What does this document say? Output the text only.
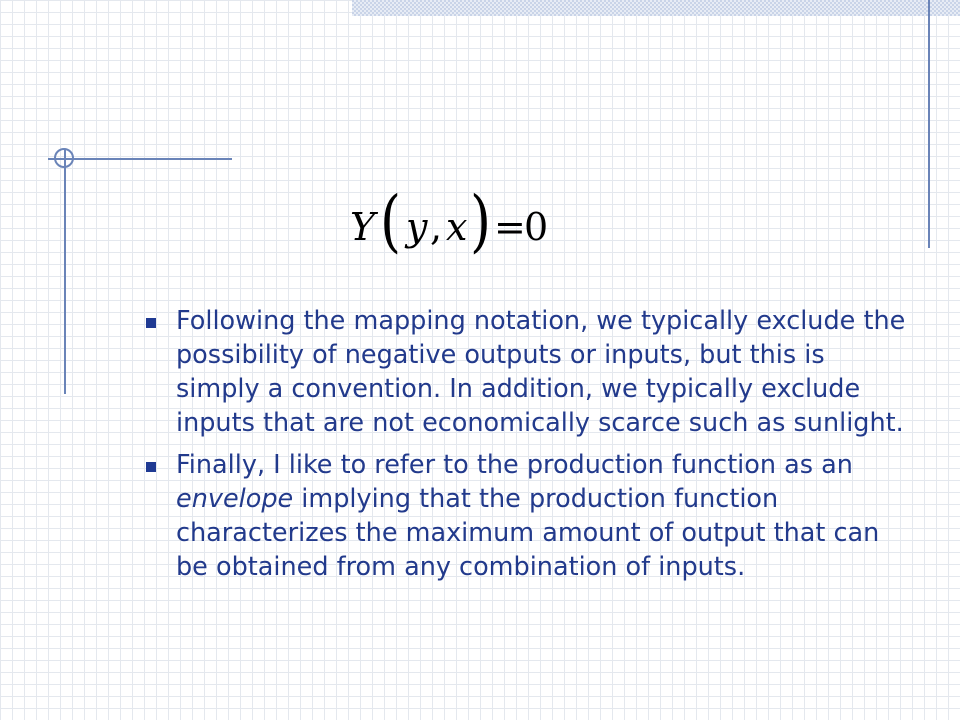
Y ( y , x ) =
0
Following the mapping notation, we typically exclude the possibility of negative outputs or inputs, but this is simply a convention. In addition, we typically exclude inputs that are not economically scarce such as sunlight.
Finally, I like to refer to the production function as an envelope implying that the production function characterizes the maximum amount of output that can be obtained from any combination of inputs.
